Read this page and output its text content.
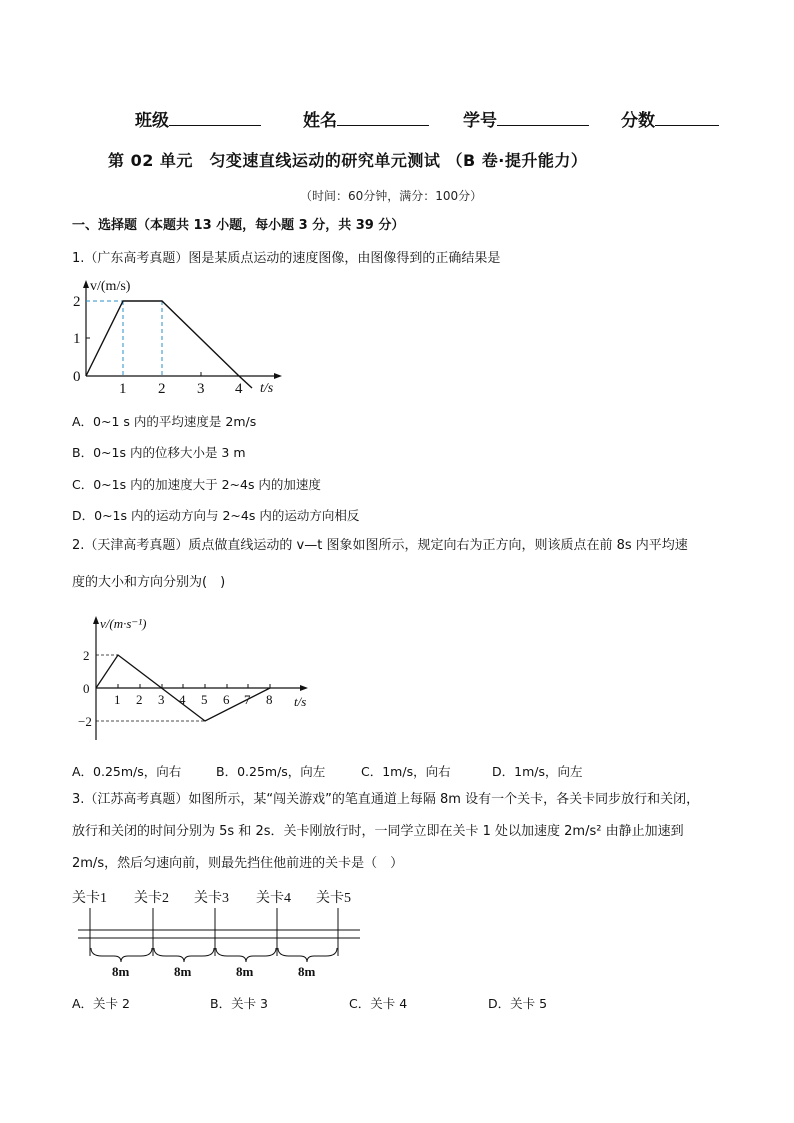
班级	姓名	学号	分数
第 02 单元　匀变速直线运动的研究单元测试 （B 卷·提升能力）
（时间：60分钟，满分：100分）
一、选择题（本题共 13 小题，每小题 3 分，共 39 分）
1.（广东高考真题）图是某质点运动的速度图像，由图像得到的正确结果是
v/(m/s)
t/s
0
1
2
1 2 3 4
A．0~1 s 内的平均速度是 2m/s
B．0~1s 内的位移大小是 3 m
C．0~1s 内的加速度大于 2~4s 内的加速度
D．0~1s 内的运动方向与 2~4s 内的运动方向相反
2.（天津高考真题）质点做直线运动的 v—t 图象如图所示，规定向右为正方向，则该质点在前 8s 内平均速
度的大小和方向分别为(　)
v/(m·s⁻¹)
t/s
2
0
−2
1 2 3 4 5 6 7 8
A．0.25m/s，向右	B．0.25m/s，向左	C．1m/s，向右	D．1m/s，向左
3.（江苏高考真题）如图所示，某“闯关游戏”的笔直通道上每隔 8m 设有一个关卡，各关卡同步放行和关闭，
放行和关闭的时间分别为 5s 和 2s．关卡刚放行时，一同学立即在关卡 1 处以加速度 2m/s² 由静止加速到
2m/s，然后匀速向前，则最先挡住他前进的关卡是（　）
关卡1 关卡2 关卡3 关卡4 关卡5
8m	8m	8m	8m
A．关卡 2	B．关卡 3	C．关卡 4	D．关卡 5
